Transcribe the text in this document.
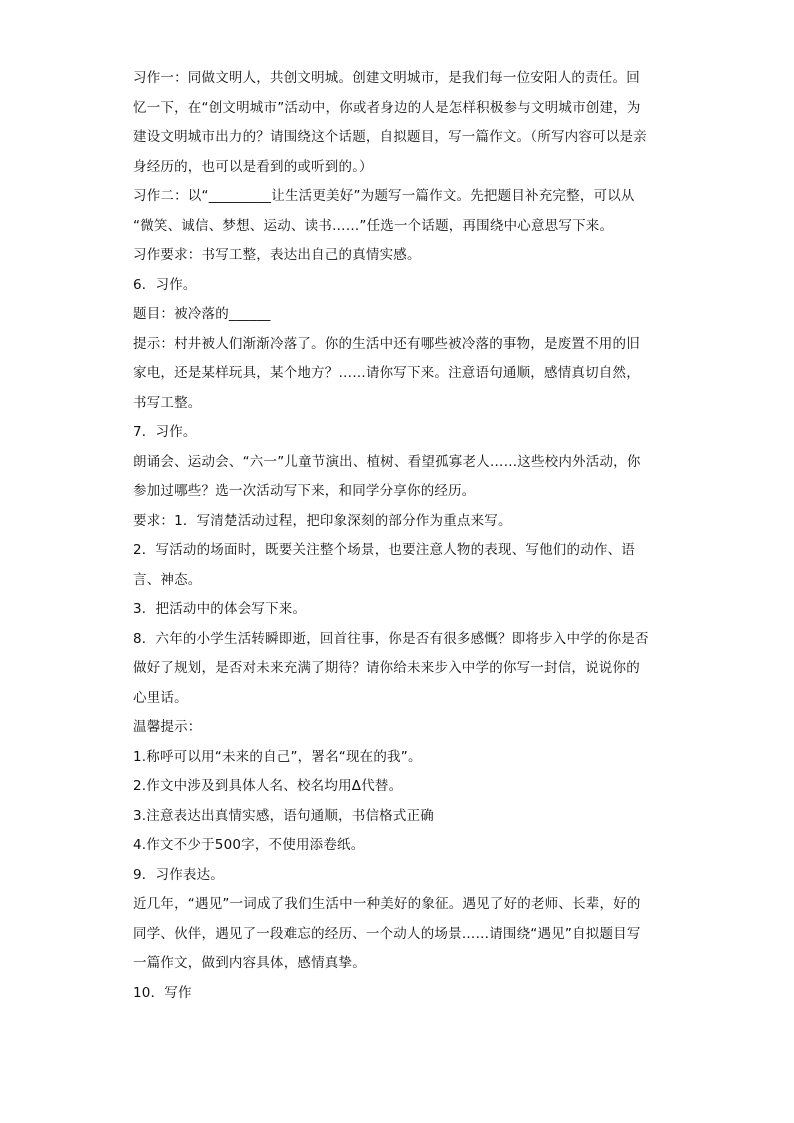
习作一：同做文明人，共创文明城。创建文明城市，是我们每一位安阳人的责任。回
忆一下，在“创文明城市”活动中，你或者身边的人是怎样积极参与文明城市创建，为
建设文明城市出力的？请围绕这个话题，自拟题目，写一篇作文。（所写内容可以是亲
身经历的，也可以是看到的或听到的。）
习作二：以“_________让生活更美好”为题写一篇作文。先把题目补充完整，可以从
“微笑、诚信、梦想、运动、读书……”任选一个话题，再围绕中心意思写下来。
习作要求：书写工整，表达出自己的真情实感。
6．习作。
题目：被冷落的______
提示：村井被人们渐渐冷落了。你的生活中还有哪些被冷落的事物，是废置不用的旧
家电，还是某样玩具，某个地方？……请你写下来。注意语句通顺，感情真切自然，
书写工整。
7．习作。
朗诵会、运动会、“六一”儿童节演出、植树、看望孤寡老人……这些校内外活动，你
参加过哪些？选一次活动写下来，和同学分享你的经历。
要求：1．写清楚活动过程，把印象深刻的部分作为重点来写。
2．写活动的场面时，既要关注整个场景，也要注意人物的表现、写他们的动作、语
言、神态。
3．把活动中的体会写下来。
8．六年的小学生活转瞬即逝，回首往事，你是否有很多感慨？即将步入中学的你是否
做好了规划，是否对未来充满了期待？请你给未来步入中学的你写一封信，说说你的
心里话。
温馨提示：
1.称呼可以用“未来的自己”，署名“现在的我”。
2.作文中涉及到具体人名、校名均用Δ代替。
3.注意表达出真情实感，语句通顺，书信格式正确
4.作文不少于500字，不使用添卷纸。
9．习作表达。
近几年，“遇见”一词成了我们生活中一种美好的象征。遇见了好的老师、长辈，好的
同学、伙伴，遇见了一段难忘的经历、一个动人的场景……请围绕“遇见”自拟题目写
一篇作文，做到内容具体，感情真挚。
10．写作
